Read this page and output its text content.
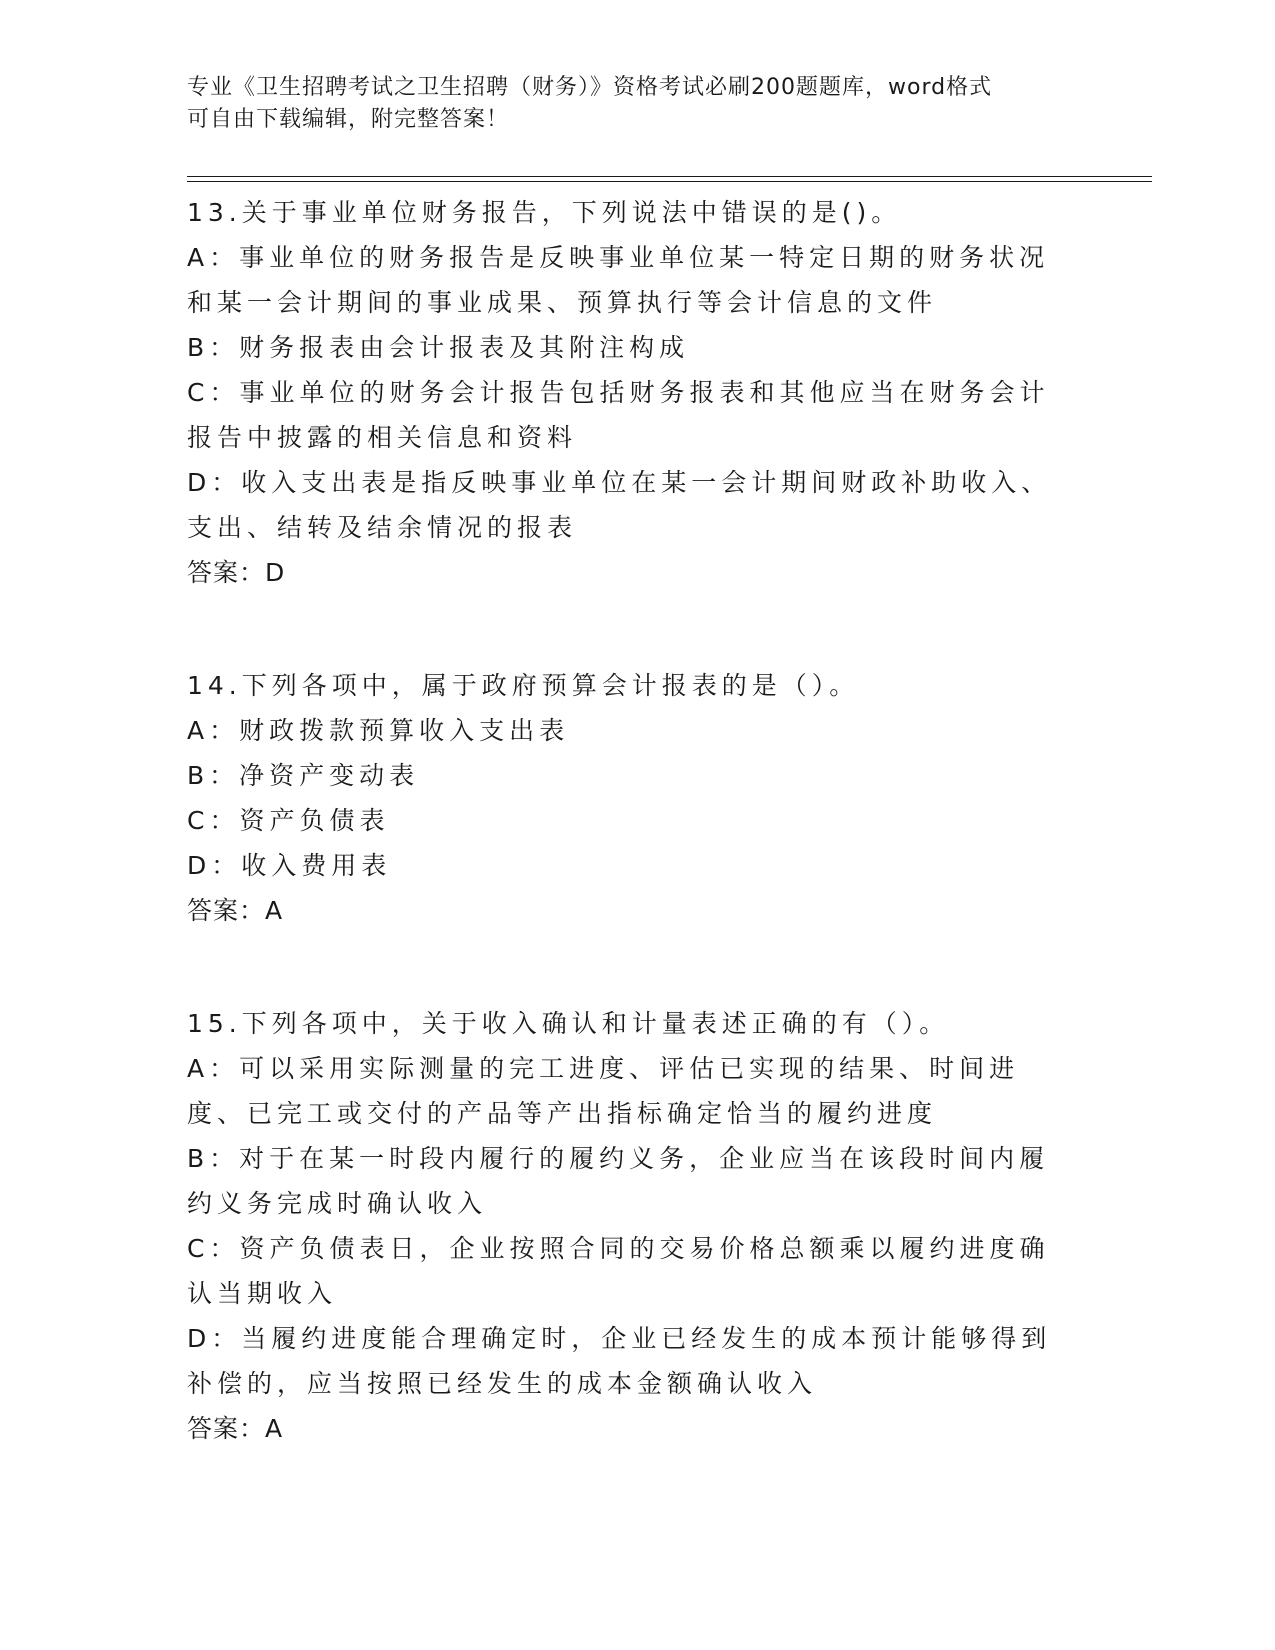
专业《卫生招聘考试之卫生招聘（财务）》资格考试必刷200题题库，word格式
可自由下载编辑，附完整答案！
13.关于事业单位财务报告，下列说法中错误的是()。
A：事业单位的财务报告是反映事业单位某一特定日期的财务状况和某一会计期间的事业成果、预算执行等会计信息的文件
B：财务报表由会计报表及其附注构成
C：事业单位的财务会计报告包括财务报表和其他应当在财务会计报告中披露的相关信息和资料
D：收入支出表是指反映事业单位在某一会计期间财政补助收入、支出、结转及结余情况的报表
答案：D
14.下列各项中，属于政府预算会计报表的是（）。
A：财政拨款预算收入支出表
B：净资产变动表
C：资产负债表
D：收入费用表
答案：A
15.下列各项中，关于收入确认和计量表述正确的有（）。
A：可以采用实际测量的完工进度、评估已实现的结果、时间进度、已完工或交付的产品等产出指标确定恰当的履约进度
B：对于在某一时段内履行的履约义务，企业应当在该段时间内履约义务完成时确认收入
C：资产负债表日，企业按照合同的交易价格总额乘以履约进度确认当期收入
D：当履约进度能合理确定时，企业已经发生的成本预计能够得到补偿的，应当按照已经发生的成本金额确认收入
答案：A
